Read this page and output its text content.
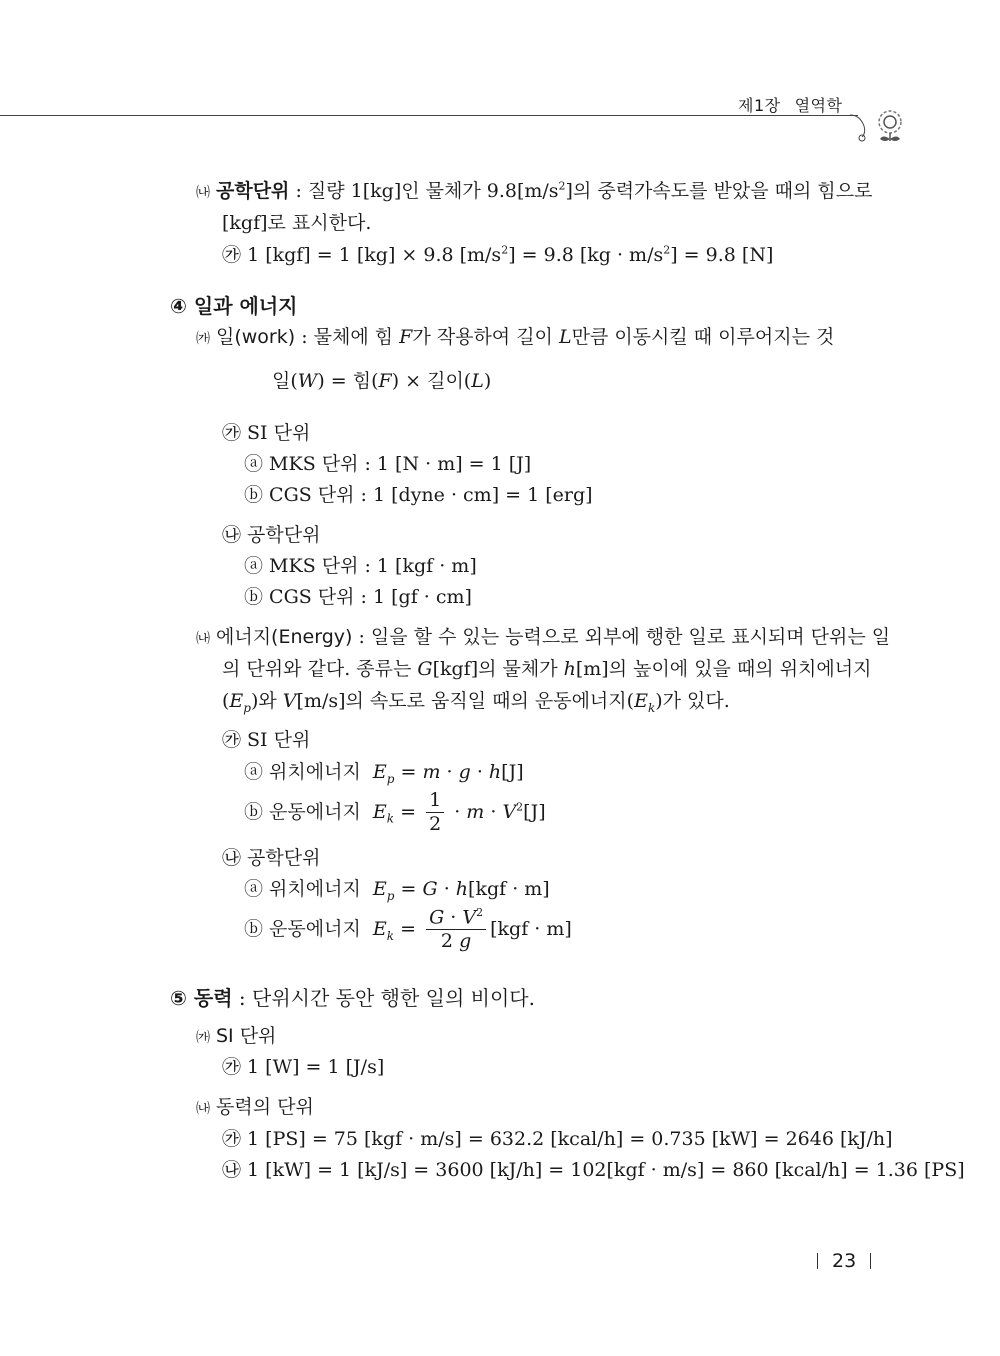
제1장 열역학
㈏ 공학단위 : 질량 1[kg]인 물체가 $9.8[m/s^2]$의 중력가속도를 받았을 때의 힘으로
[kgf]로 표시한다.
㉮ 1 [kgf] = 1 [kg] × 9.8 $[m/s^2] = 9.8$ $[kg \cdot m/s^2] = 9.8$ [N]
④ 일과 에너지
㈎ 일(work) : 물체에 힘 F가 작용하여 길이 L만큼 이동시킬 때 이루어지는 것
일(W) = 힘(F) × 길이(L)
㉮ SI 단위
ⓐ MKS 단위 : 1 [N · m] = 1 [J]
ⓑ CGS 단위 : 1 [dyne · cm] = 1 [erg]
㉯ 공학단위
ⓐ MKS 단위 : 1 [kgf · m]
ⓑ CGS 단위 : 1 [gf · cm]
㈏ 에너지(Energy) : 일을 할 수 있는 능력으로 외부에 행한 일로 표시되며 단위는 일
의 단위와 같다. 종류는 G[kgf]의 물체가 h[m]의 높이에 있을 때의 위치에너지
$(E_p)$와 V[m/s]의 속도로 움직일 때의 운동에너지$(E_k)$가 있다.
㉮ SI 단위
ⓐ 위치에너지 $E_p = m \cdot g \cdot h[J]$
ⓑ 운동에너지 $E_k = \frac{1}{2} \cdot m \cdot V^2[J]$
㉯ 공학단위
ⓐ 위치에너지 $E_p = G \cdot h[kgf \cdot m]$
ⓑ 운동에너지 $E_k = \frac{G \cdot V^2}{2 g} [kgf \cdot m]$
⑤ 동력 : 단위시간 동안 행한 일의 비이다.
㈎ SI 단위
㉮ 1 [W] = 1 [J/s]
㈏ 동력의 단위
㉮ 1 [PS] = 75 [kgf · m/s] = 632.2 [kcal/h] = 0.735 [kW] = 2646 [kJ/h]
㉯ 1 [kW] = 1 [kJ/s] = 3600 [kJ/h] = 102[kgf · m/s] = 860 [kcal/h] = 1.36 [PS]
23
